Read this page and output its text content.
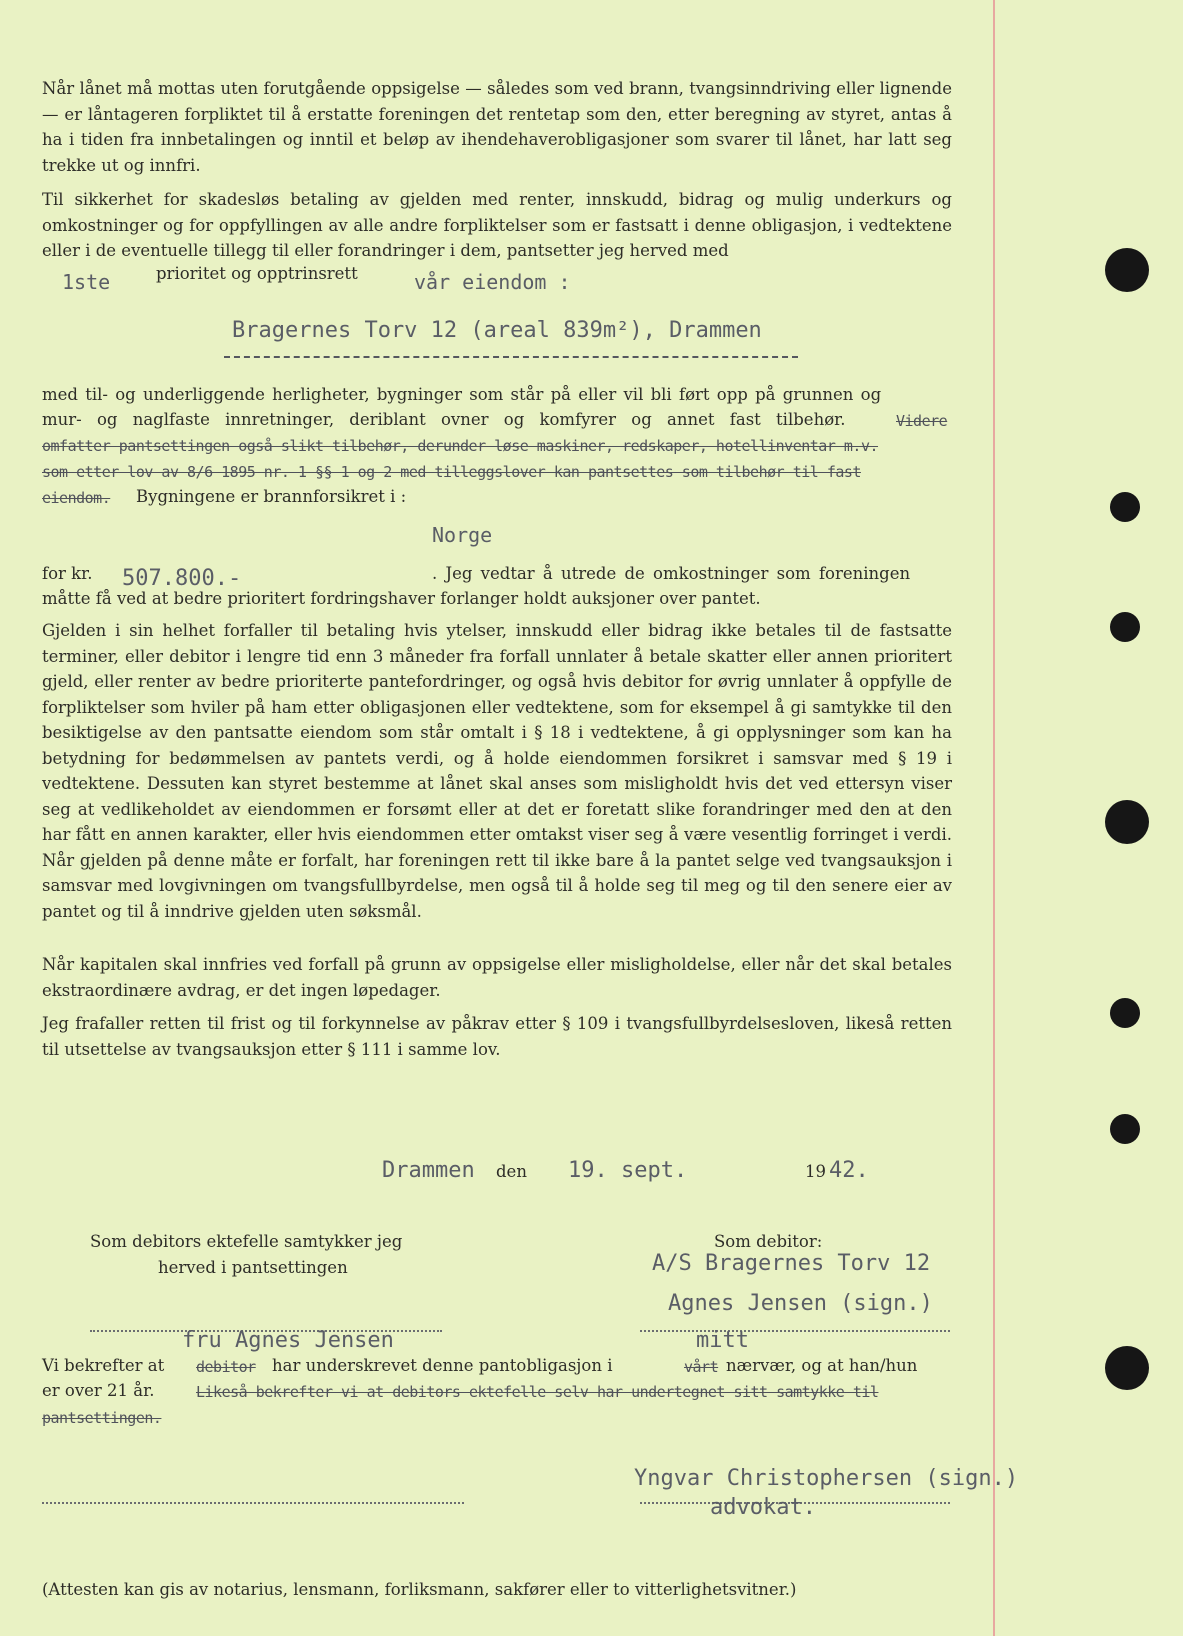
Når lånet må mottas uten forutgående oppsigelse — således som ved brann, tvangsinndriving eller lignende — er låntageren forpliktet til å erstatte foreningen det rentetap som den, etter beregning av styret, antas å ha i tiden fra innbetalingen og inntil et beløp av ihendehaverobligasjoner som svarer til lånet, har latt seg trekke ut og innfri.
Til sikkerhet for skadesløs betaling av gjelden med renter, innskudd, bidrag og mulig underkurs og omkostninger og for oppfyllingen av alle andre forpliktelser som er fastsatt i denne obligasjon, i vedtektene eller i de eventuelle tillegg til eller forandringer i dem, pantsetter jeg herved med
1ste	prioritet og opptrinsrett	vår eiendom :
Bragernes Torv 12 (areal 839m²), Drammen
med til- og underliggende herligheter, bygninger som står på eller vil bli ført opp på grunnen og
mur- og naglfaste innretninger, deriblant ovner og komfyrer og annet fast tilbehør.	Videre
omfatter pantsettingen også slikt tilbehør, derunder løse maskiner, redskaper, hotellinventar m.v.
som etter lov av 8/6 1895 nr. 1 §§ 1 og 2 med tilleggslover kan pantsettes som tilbehør til fast
eiendom. Bygningene er brannforsikret i :
Norge
for kr. 507.800.-	. Jeg vedtar å utrede de omkostninger som foreningen
måtte få ved at bedre prioritert fordringshaver forlanger holdt auksjoner over pantet.
Gjelden i sin helhet forfaller til betaling hvis ytelser, innskudd eller bidrag ikke betales til de fastsatte terminer, eller debitor i lengre tid enn 3 måneder fra forfall unnlater å betale skatter eller annen prioritert gjeld, eller renter av bedre prioriterte pantefordringer, og også hvis debitor for øvrig unnlater å oppfylle de forpliktelser som hviler på ham etter obligasjonen eller vedtektene, som for eksempel å gi samtykke til den besiktigelse av den pantsatte eiendom som står omtalt i § 18 i vedtektene, å gi opplysninger som kan ha betydning for bedømmelsen av pantets verdi, og å holde eiendommen forsikret i samsvar med § 19 i vedtektene. Dessuten kan styret bestemme at lånet skal anses som misligholdt hvis det ved ettersyn viser seg at vedlikeholdet av eiendommen er forsømt eller at det er foretatt slike forandringer med den at den har fått en annen karakter, eller hvis eiendommen etter omtakst viser seg å være vesentlig forringet i verdi. Når gjelden på denne måte er forfalt, har foreningen rett til ikke bare å la pantet selge ved tvangsauksjon i samsvar med lovgivningen om tvangsfullbyrdelse, men også til å holde seg til meg og til den senere eier av pantet og til å inndrive gjelden uten søksmål.
Når kapitalen skal innfries ved forfall på grunn av oppsigelse eller misligholdelse, eller når det skal betales ekstraordinære avdrag, er det ingen løpedager.
Jeg frafaller retten til frist og til forkynnelse av påkrav etter § 109 i tvangsfullbyrdelsesloven, likeså retten til utsettelse av tvangsauksjon etter § 111 i samme lov.
Drammen den 19. sept.	19 42.
Som debitors ektefelle samtykker jeg
herved i pantsettingen
Som debitor:
A/S Bragernes Torv 12
Agnes Jensen (sign.)
fru Agnes Jensen	mitt
Vi bekrefter at debitor har underskrevet denne pantobligasjon i	vårt nærvær, og at han/hun
er over 21 år.	Likeså bekrefter vi at debitors ektefelle selv har undertegnet sitt samtykke til
pantsettingen.
Yngvar Christophersen (sign.)
advokat.
(Attesten kan gis av notarius, lensmann, forliksmann, sakfører eller to vitterlighetsvitner.)
